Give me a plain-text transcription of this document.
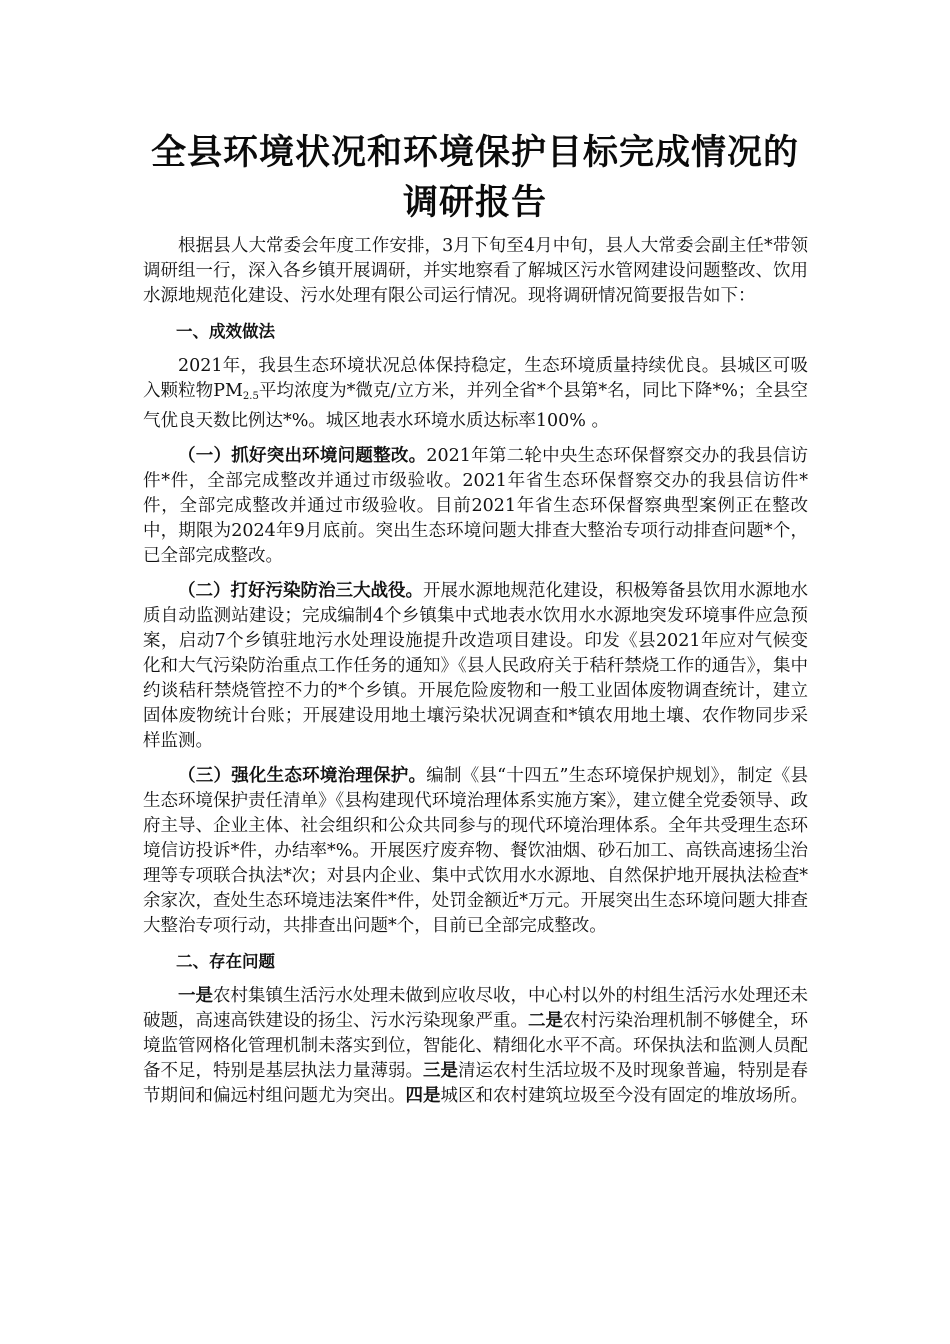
全县环境状况和环境保护目标完成情况的
调研报告

根据县人大常委会年度工作安排，3月下旬至4月中旬，县人大常委会副主任*带领调研组一行，深入各乡镇开展调研，并实地察看了解城区污水管网建设问题整改、饮用水源地规范化建设、污水处理有限公司运行情况。现将调研情况简要报告如下：

一、成效做法

2021年，我县生态环境状况总体保持稳定，生态环境质量持续优良。县城区可吸入颗粒物$PM_{2.5}$平均浓度为*微克/立方米，并列全省*个县第*名，同比下降*%；全县空气优良天数比例达*%。城区地表水环境水质达标率100% 。

（一）抓好突出环境问题整改。2021年第二轮中央生态环保督察交办的我县信访件*件，全部完成整改并通过市级验收。2021年省生态环保督察交办的我县信访件*件，全部完成整改并通过市级验收。目前2021年省生态环保督察典型案例正在整改中，期限为2024年9月底前。突出生态环境问题大排查大整治专项行动排查问题*个，已全部完成整改。

（二）打好污染防治三大战役。开展水源地规范化建设，积极筹备县饮用水源地水质自动监测站建设；完成编制4个乡镇集中式地表水饮用水水源地突发环境事件应急预案，启动7个乡镇驻地污水处理设施提升改造项目建设。印发《县2021年应对气候变化和大气污染防治重点工作任务的通知》《县人民政府关于秸秆禁烧工作的通告》，集中约谈秸秆禁烧管控不力的*个乡镇。开展危险废物和一般工业固体废物调查统计，建立固体废物统计台账；开展建设用地土壤污染状况调查和*镇农用地土壤、农作物同步采样监测。

（三）强化生态环境治理保护。编制《县“十四五”生态环境保护规划》，制定《县生态环境保护责任清单》《县构建现代环境治理体系实施方案》，建立健全党委领导、政府主导、企业主体、社会组织和公众共同参与的现代环境治理体系。全年共受理生态环境信访投诉*件，办结率*%。开展医疗废弃物、餐饮油烟、砂石加工、高铁高速扬尘治理等专项联合执法*次；对县内企业、集中式饮用水水源地、自然保护地开展执法检查*余家次，查处生态环境违法案件*件，处罚金额近*万元。开展突出生态环境问题大排查大整治专项行动，共排查出问题*个，目前已全部完成整改。

二、存在问题

一是农村集镇生活污水处理未做到应收尽收，中心村以外的村组生活污水处理还未破题，高速高铁建设的扬尘、污水污染现象严重。二是农村污染治理机制不够健全，环境监管网格化管理机制未落实到位，智能化、精细化水平不高。环保执法和监测人员配备不足，特别是基层执法力量薄弱。三是清运农村生活垃圾不及时现象普遍，特别是春节期间和偏远村组问题尤为突出。四是城区和农村建筑垃圾至今没有固定的堆放场所。
